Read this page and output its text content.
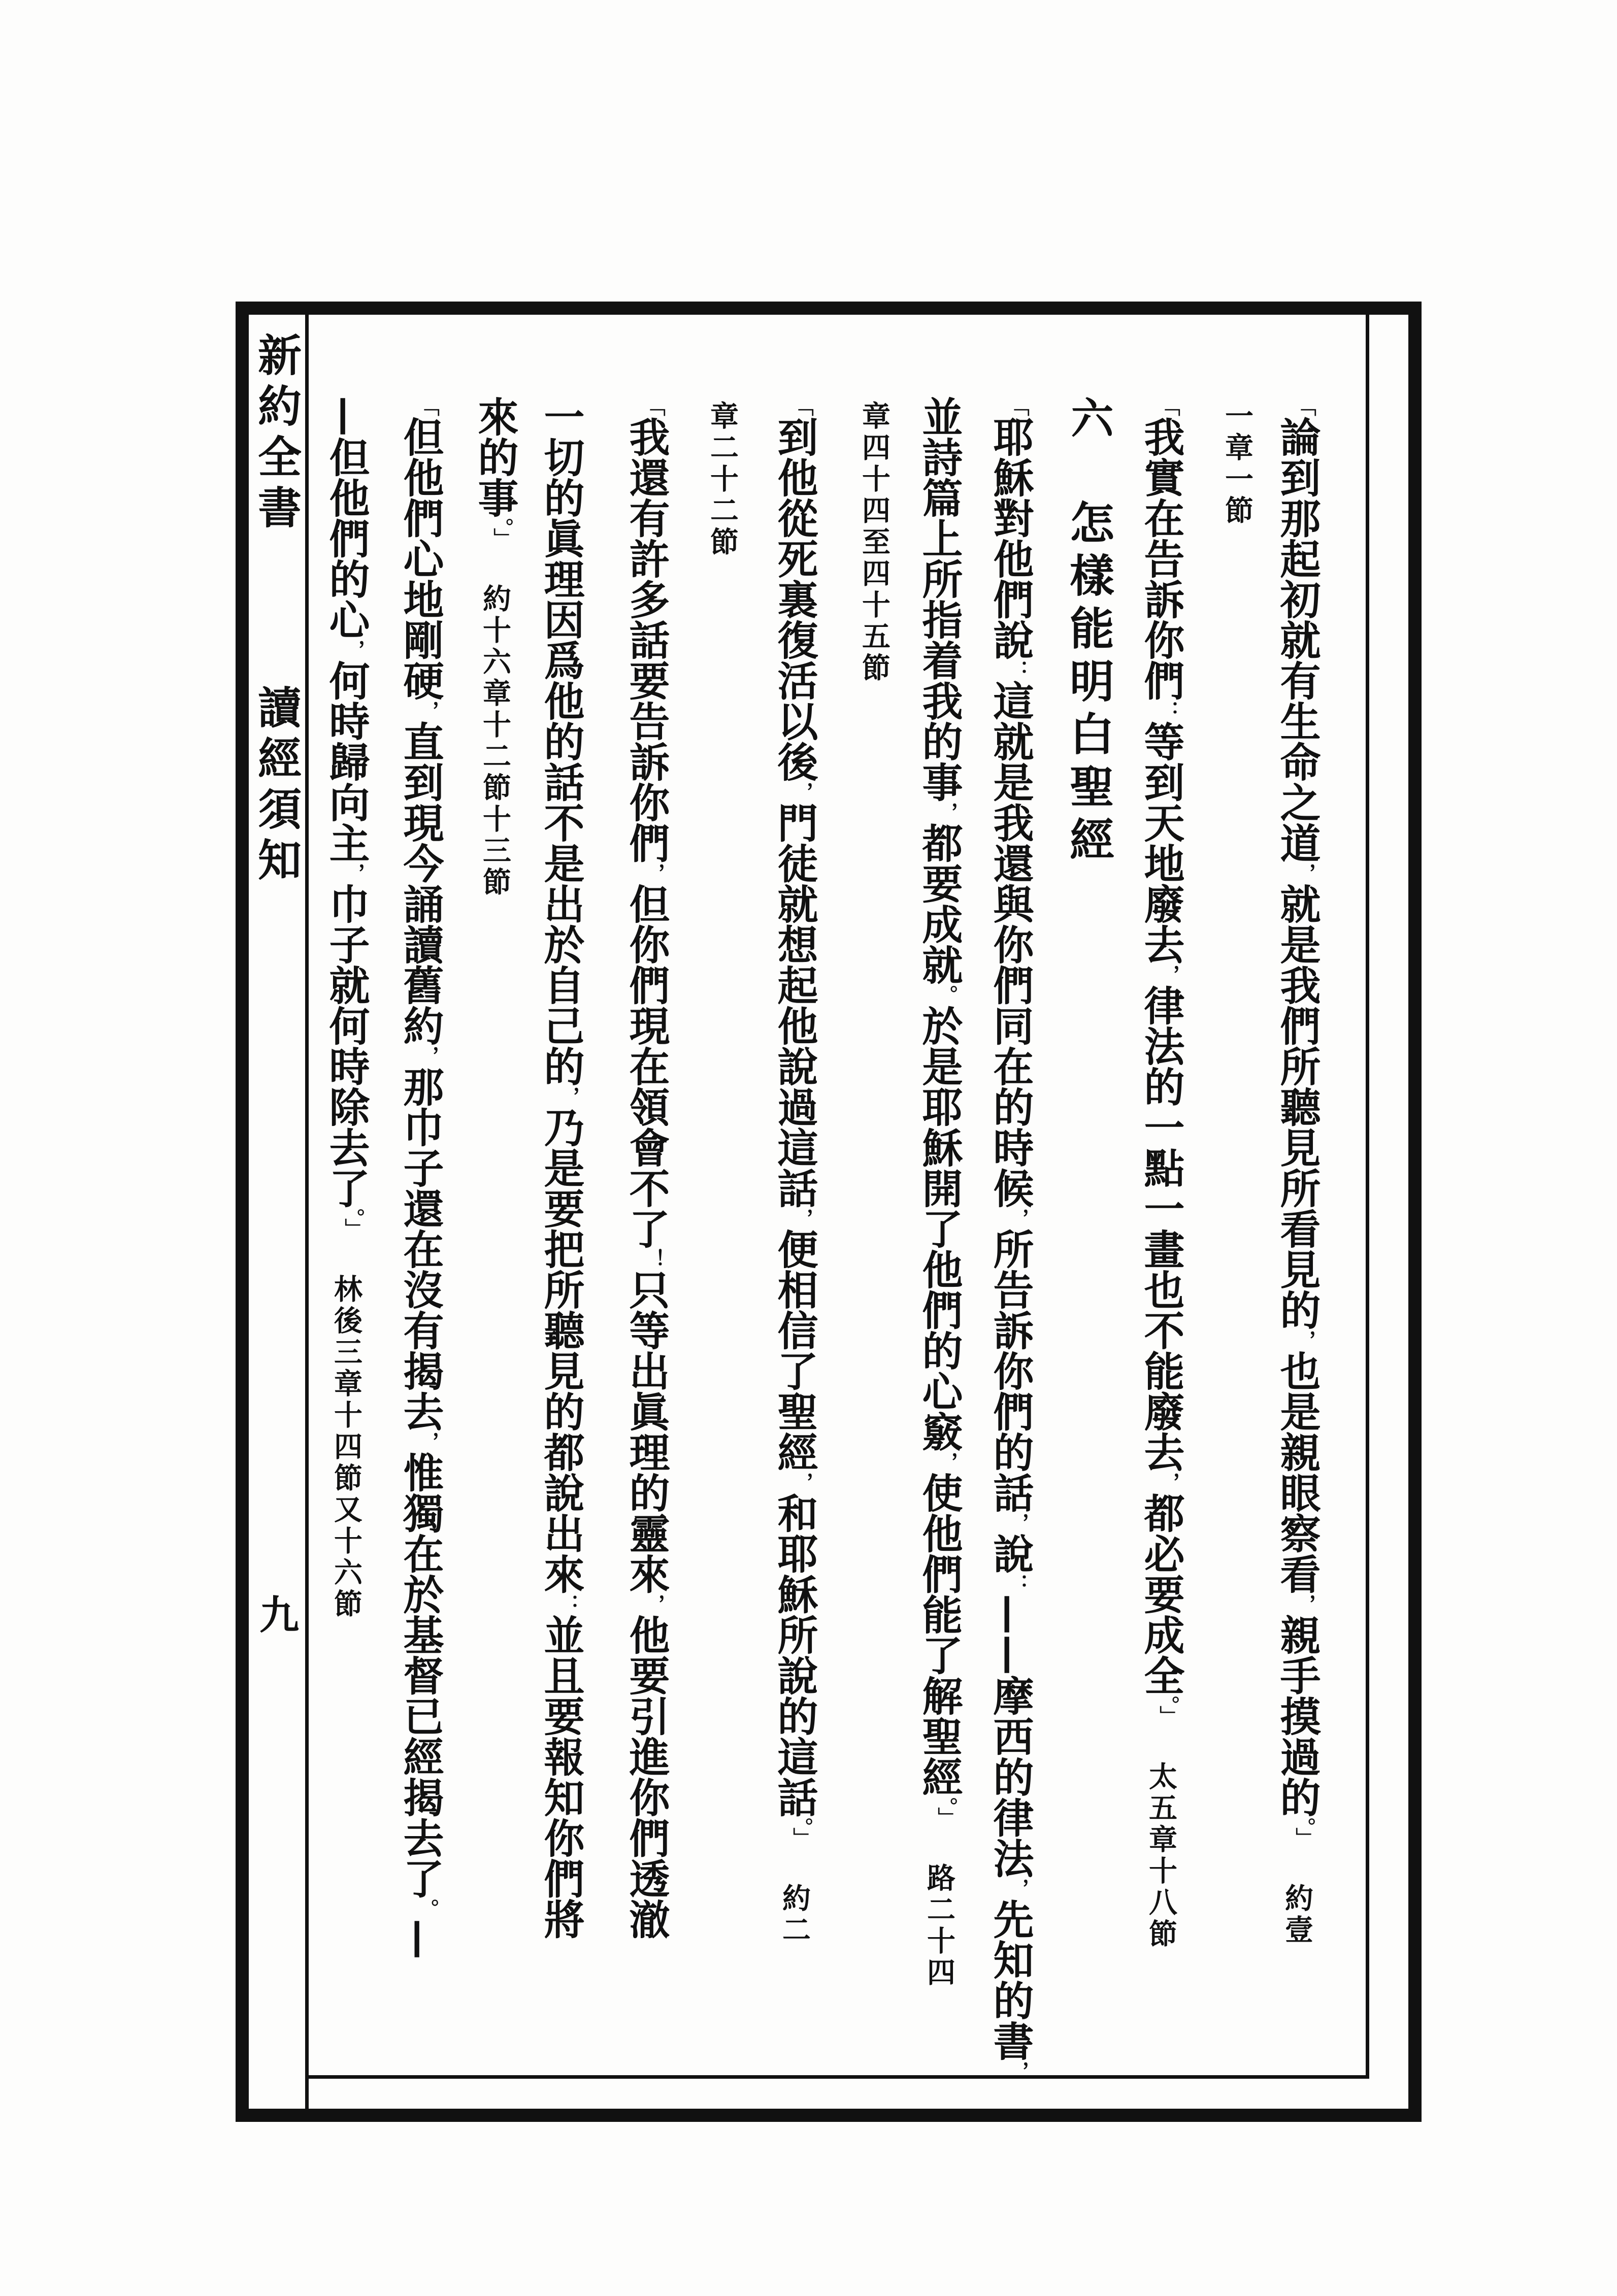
新約全書 讀經須知
九
「論到那起初就有生命之道，就是我們所聽見所看見的，也是親眼察看，親手摸過的。」約壹
一章一節
「我實在告訴你們：等到天地廢去，律法的一點一畫也不能廢去，都必要成全。」太五章十八節
六怎樣能明白聖經
「耶穌對他們說：這就是我還與你們同在的時候，所告訴你們的話，說：——摩西的律法，先知的書，
並詩篇上所指着我的事，都要成就。於是耶穌開了他們的心竅，使他們能了解聖經。」路二十四
章四十四至四十五節
「到他從死裏復活以後，門徒就想起他說過這話，便相信了聖經，和耶穌所說的這話。」約二
章二十二節
「我還有許多話要告訴你們，但你們現在領會不了！只等出眞理的靈來，他要引進你們透澈
一切的眞理因爲他的話不是出於自己的，乃是要把所聽見的都說出來：並且要報知你們將
來的事。」約十六章十二節十三節
「但他們心地剛硬，直到現今誦讀舊約，那巾子還在沒有揭去，惟獨在於基督已經揭去了。—
—但他們的心，何時歸向主，巾子就何時除去了。」林後三章十四節又十六節
